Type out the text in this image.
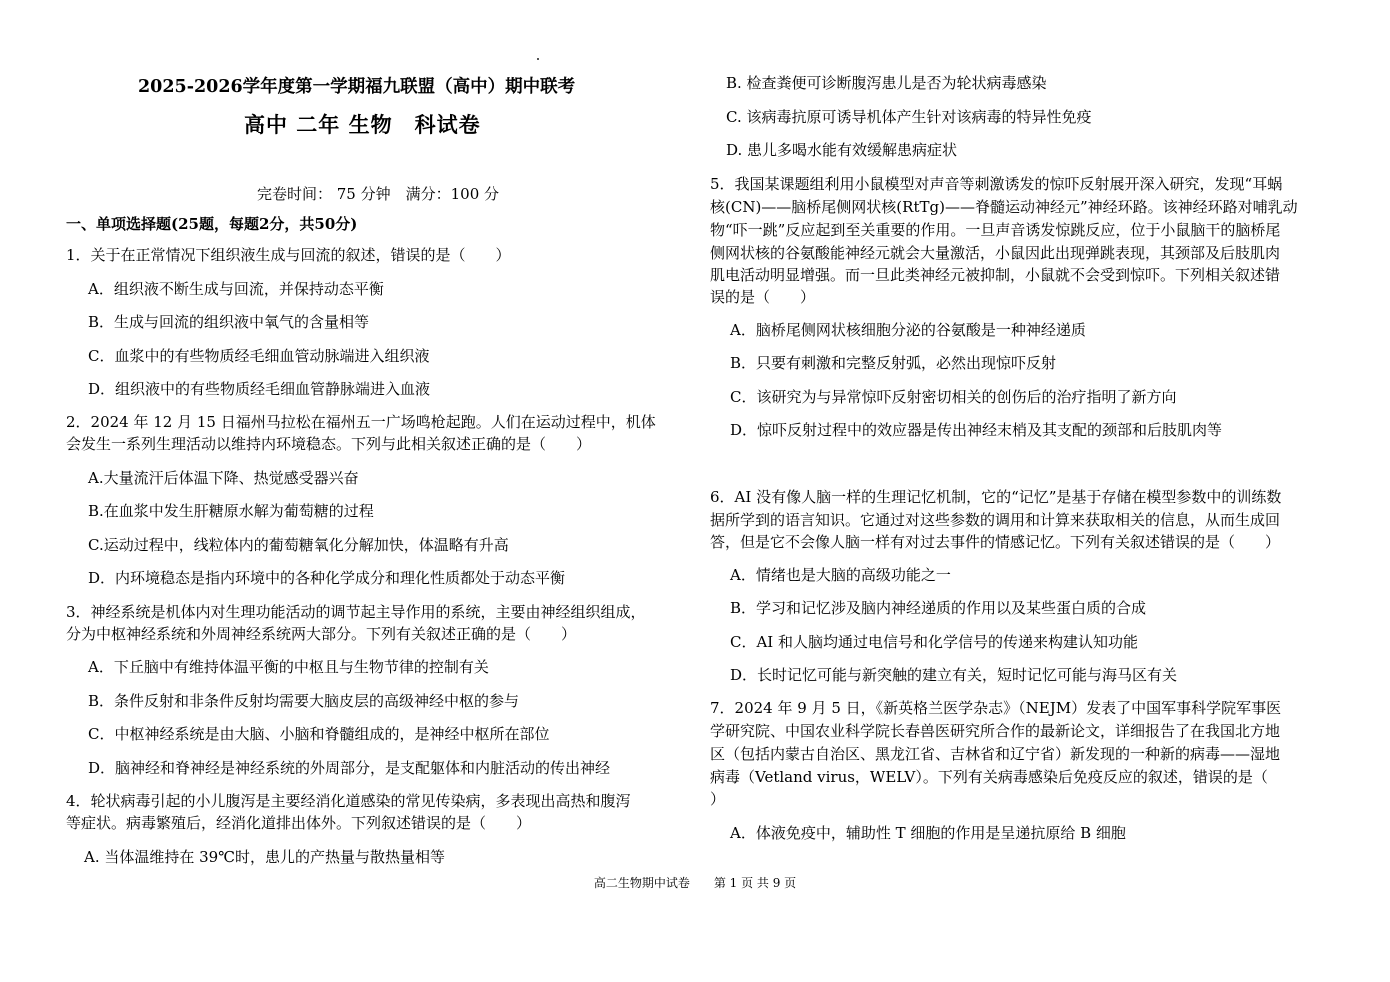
2025-2026学年度第一学期福九联盟（高中）期中联考
高中 二年 生物　科试卷
完卷时间： 75 分钟　满分：100 分
一、单项选择题(25题，每题2分，共50分)
1．关于在正常情况下组织液生成与回流的叙述，错误的是（　　）
A．组织液不断生成与回流，并保持动态平衡
B．生成与回流的组织液中氧气的含量相等
C．血浆中的有些物质经毛细血管动脉端进入组织液
D．组织液中的有些物质经毛细血管静脉端进入血液
2．2024 年 12 月 15 日福州马拉松在福州五一广场鸣枪起跑。人们在运动过程中，机体
会发生一系列生理活动以维持内环境稳态。下列与此相关叙述正确的是（　　）
A.大量流汗后体温下降、热觉感受器兴奋
B.在血浆中发生肝糖原水解为葡萄糖的过程
C.运动过程中，线粒体内的葡萄糖氧化分解加快，体温略有升高
D．内环境稳态是指内环境中的各种化学成分和理化性质都处于动态平衡
3．神经系统是机体内对生理功能活动的调节起主导作用的系统，主要由神经组织组成，
分为中枢神经系统和外周神经系统两大部分。下列有关叙述正确的是（　　）
A．下丘脑中有维持体温平衡的中枢且与生物节律的控制有关
B．条件反射和非条件反射均需要大脑皮层的高级神经中枢的参与
C．中枢神经系统是由大脑、小脑和脊髓组成的，是神经中枢所在部位
D．脑神经和脊神经是神经系统的外周部分，是支配躯体和内脏活动的传出神经
4．轮状病毒引起的小儿腹泻是主要经消化道感染的常见传染病，多表现出高热和腹泻
等症状。病毒繁殖后，经消化道排出体外。下列叙述错误的是（　　）
A. 当体温维持在 39℃时，患儿的产热量与散热量相等
B. 检查粪便可诊断腹泻患儿是否为轮状病毒感染
C. 该病毒抗原可诱导机体产生针对该病毒的特异性免疫
D. 患儿多喝水能有效缓解患病症状
5．我国某课题组利用小鼠模型对声音等刺激诱发的惊吓反射展开深入研究，发现“耳蜗
核(CN)——脑桥尾侧网状核(RtTg)——脊髓运动神经元”神经环路。该神经环路对哺乳动
物“吓一跳”反应起到至关重要的作用。一旦声音诱发惊跳反应，位于小鼠脑干的脑桥尾
侧网状核的谷氨酸能神经元就会大量激活，小鼠因此出现弹跳表现，其颈部及后肢肌肉
肌电活动明显增强。而一旦此类神经元被抑制，小鼠就不会受到惊吓。下列相关叙述错
误的是（　　）
A．脑桥尾侧网状核细胞分泌的谷氨酸是一种神经递质
B．只要有刺激和完整反射弧，必然出现惊吓反射
C．该研究为与异常惊吓反射密切相关的创伤后的治疗指明了新方向
D．惊吓反射过程中的效应器是传出神经末梢及其支配的颈部和后肢肌肉等
6．AI 没有像人脑一样的生理记忆机制，它的“记忆”是基于存储在模型参数中的训练数
据所学到的语言知识。它通过对这些参数的调用和计算来获取相关的信息，从而生成回
答，但是它不会像人脑一样有对过去事件的情感记忆。下列有关叙述错误的是（　　）
A．情绪也是大脑的高级功能之一
B．学习和记忆涉及脑内神经递质的作用以及某些蛋白质的合成
C．AI 和人脑均通过电信号和化学信号的传递来构建认知功能
D．长时记忆可能与新突触的建立有关，短时记忆可能与海马区有关
7．2024 年 9 月 5 日，《新英格兰医学杂志》（NEJM）发表了中国军事科学院军事医
学研究院、中国农业科学院长春兽医研究所合作的最新论文，详细报告了在我国北方地
区（包括内蒙古自治区、黑龙江省、吉林省和辽宁省）新发现的一种新的病毒——湿地
病毒（Vetland virus，WELV）。下列有关病毒感染后免疫反应的叙述，错误的是（
）
A．体液免疫中，辅助性 T 细胞的作用是呈递抗原给 B 细胞
高二生物期中试卷　　第 1 页 共 9 页
